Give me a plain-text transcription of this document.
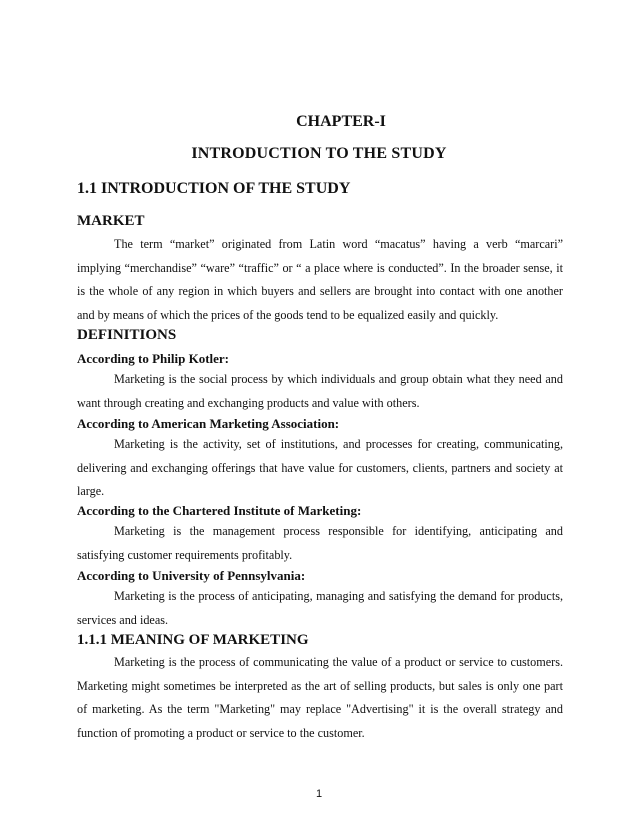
CHAPTER-I
INTRODUCTION TO THE STUDY
1.1 INTRODUCTION OF THE STUDY
MARKET

The term “market” originated from Latin word “macatus” having a verb “marcari” implying “merchandise” “ware” “traffic” or “ a place where is conducted”. In the broader sense, it is the whole of any region in which buyers and sellers are brought into contact with one another and by means of which the prices of the goods tend to be equalized easily and quickly.

DEFINITIONS
According to Philip Kotler:

Marketing is the social process by which individuals and group obtain what they need and want through creating and exchanging products and value with others.

According to American Marketing Association:

Marketing is the activity, set of institutions, and processes for creating, communicating, delivering and exchanging offerings that have value for customers, clients, partners and society at large.

According to the Chartered Institute of Marketing:

Marketing is the management process responsible for identifying, anticipating and satisfying customer requirements profitably.

According to University of Pennsylvania:

Marketing is the process of anticipating, managing and satisfying the demand for products, services and ideas.

1.1.1 MEANING OF MARKETING

Marketing is the process of communicating the value of a product or service to customers. Marketing might sometimes be interpreted as the art of selling products, but sales is only one part of marketing. As the term "Marketing" may replace "Advertising" it is the overall strategy and function of promoting a product or service to the customer.

1
